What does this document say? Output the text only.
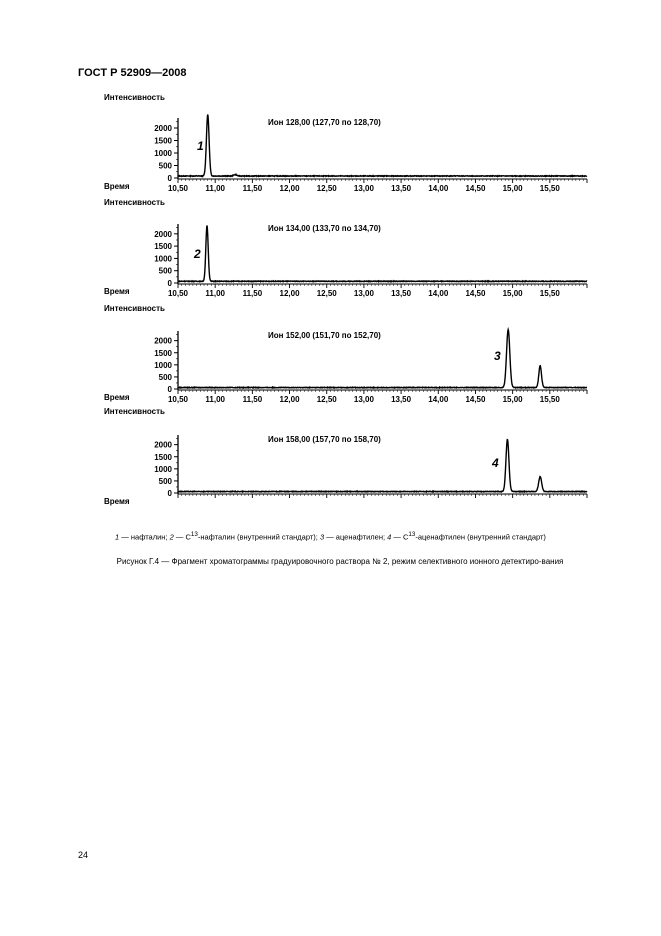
ГОСТ Р 52909—2008
Интенсивность
Время
Ион 128,00 (127,70 по 128,70)
2000
1500
1000
500
0
10,50 11,00 11,50 12,00 12,50 13,00 13,50 14,00 14,50 15,00 15,50
1
Интенсивность
Время
Ион 134,00 (133,70 по 134,70)
2000
1500
1000
500
0
10,50 11,00 11,50 12,00 12,50 13,00 13,50 14,00 14,50 15,00 15,50
2
Интенсивность
Время
Ион 152,00 (151,70 по 152,70)
2000
1500
1000
500
0
10,50 11,00 11,50 12,00 12,50 13,00 13,50 14,00 14,50 15,00 15,50
3
Интенсивность
Время
Ион 158,00 (157,70 по 158,70)
2000
1500
1000
500
0
4
1 — нафталин; 2 — $С^{13}$-нафталин (внутренний стандарт); 3 — аценафтилен; 4 — $С^{13}$-аценафтилен (внутренний стандарт)
Рисунок Г.4 — Фрагмент хроматограммы градуировочного раствора № 2, режим селективного ионного детектиро-вания
24
